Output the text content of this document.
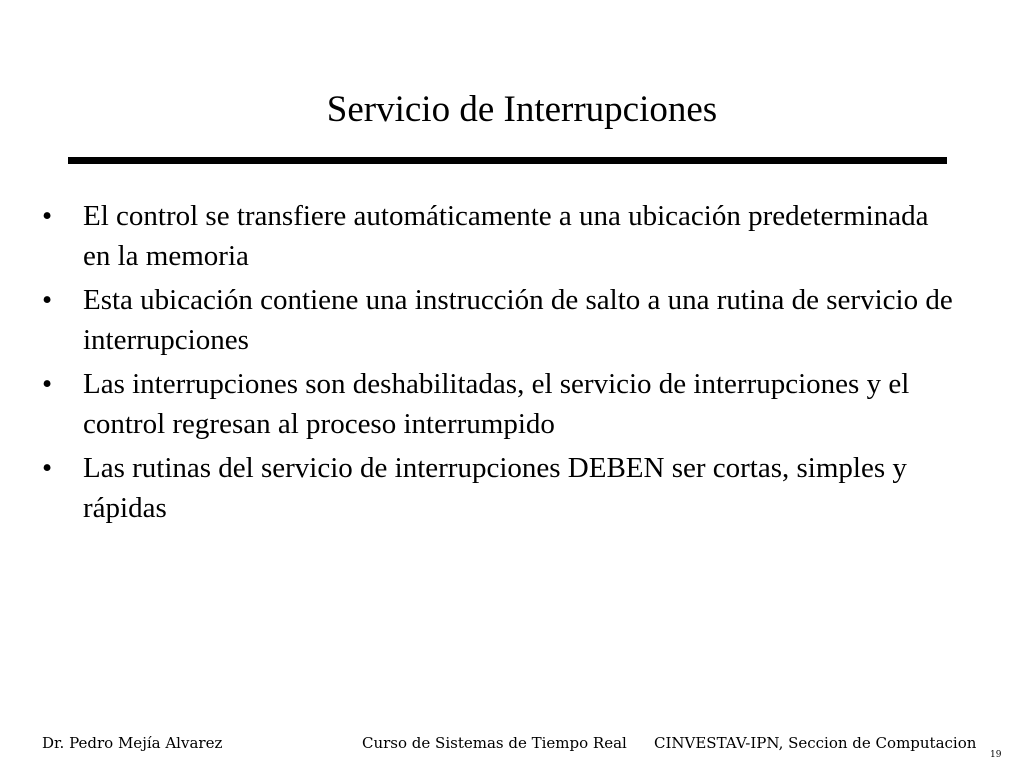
Servicio de Interrupciones
•	El control se transfiere automáticamente a una ubicación predeterminada en la memoria
•	Esta ubicación contiene una instrucción de salto a una rutina de servicio de interrupciones
•	Las interrupciones son deshabilitadas, el servicio de interrupciones y el control regresan al proceso interrumpido
•	Las rutinas del servicio de interrupciones DEBEN ser cortas, simples y rápidas
Dr. Pedro Mejía Alvarez	Curso de Sistemas de Tiempo Real CINVESTAV-IPN, Seccion de Computacion
19
